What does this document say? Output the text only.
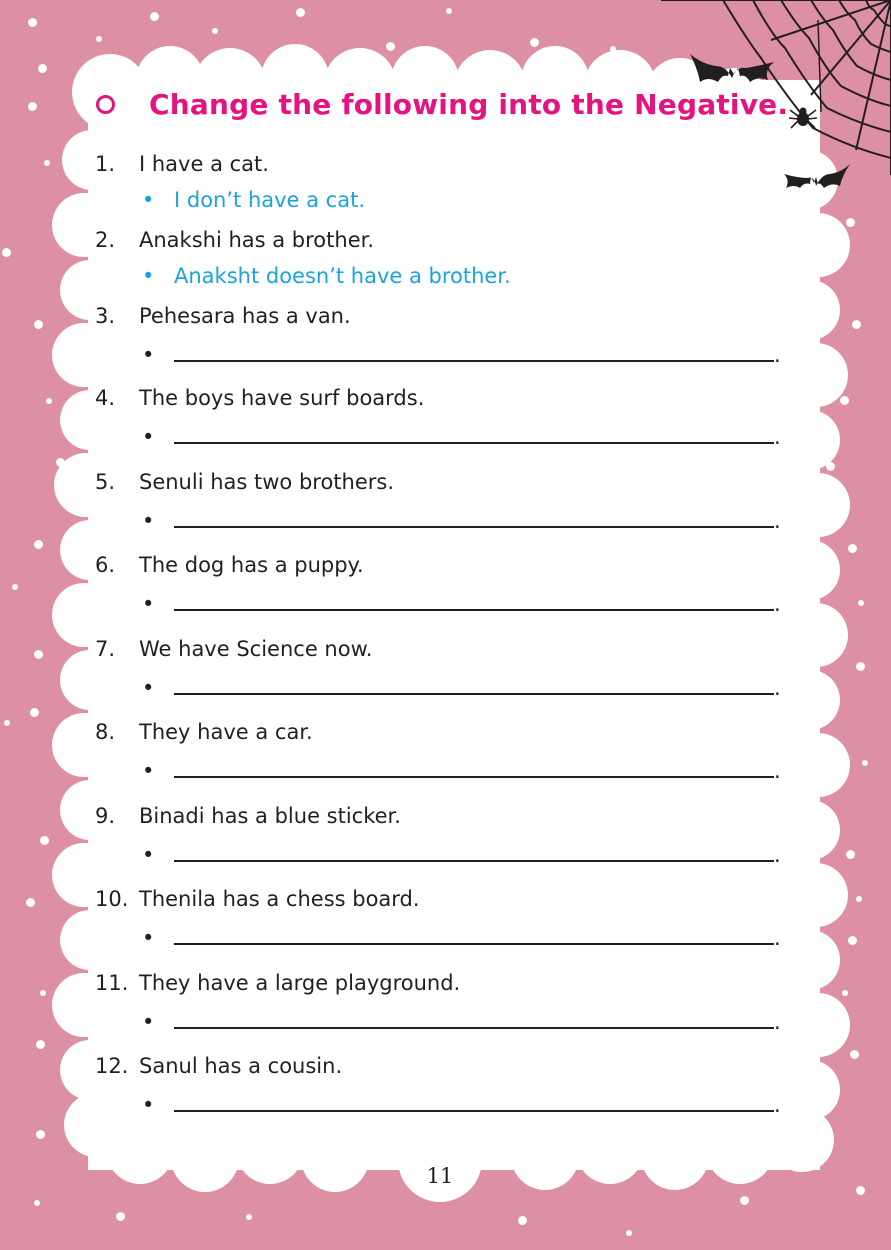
Change the following into the Negative.
1. I have a cat.
• I don’t have a cat.
2. Anakshi has a brother.
• Anaksht doesn’t have a brother.
3. Pehesara has a van.
•	.
4. The boys have surf boards.
•	.
5. Senuli has two brothers.
•	.
6. The dog has a puppy.
•	.
7. We have Science now.
•	.
8. They have a car.
•	.
9. Binadi has a blue sticker.
•	.
10. Thenila has a chess board.
•	.
11. They have a large playground.
•	.
12. Sanul has a cousin.
•	.
11
